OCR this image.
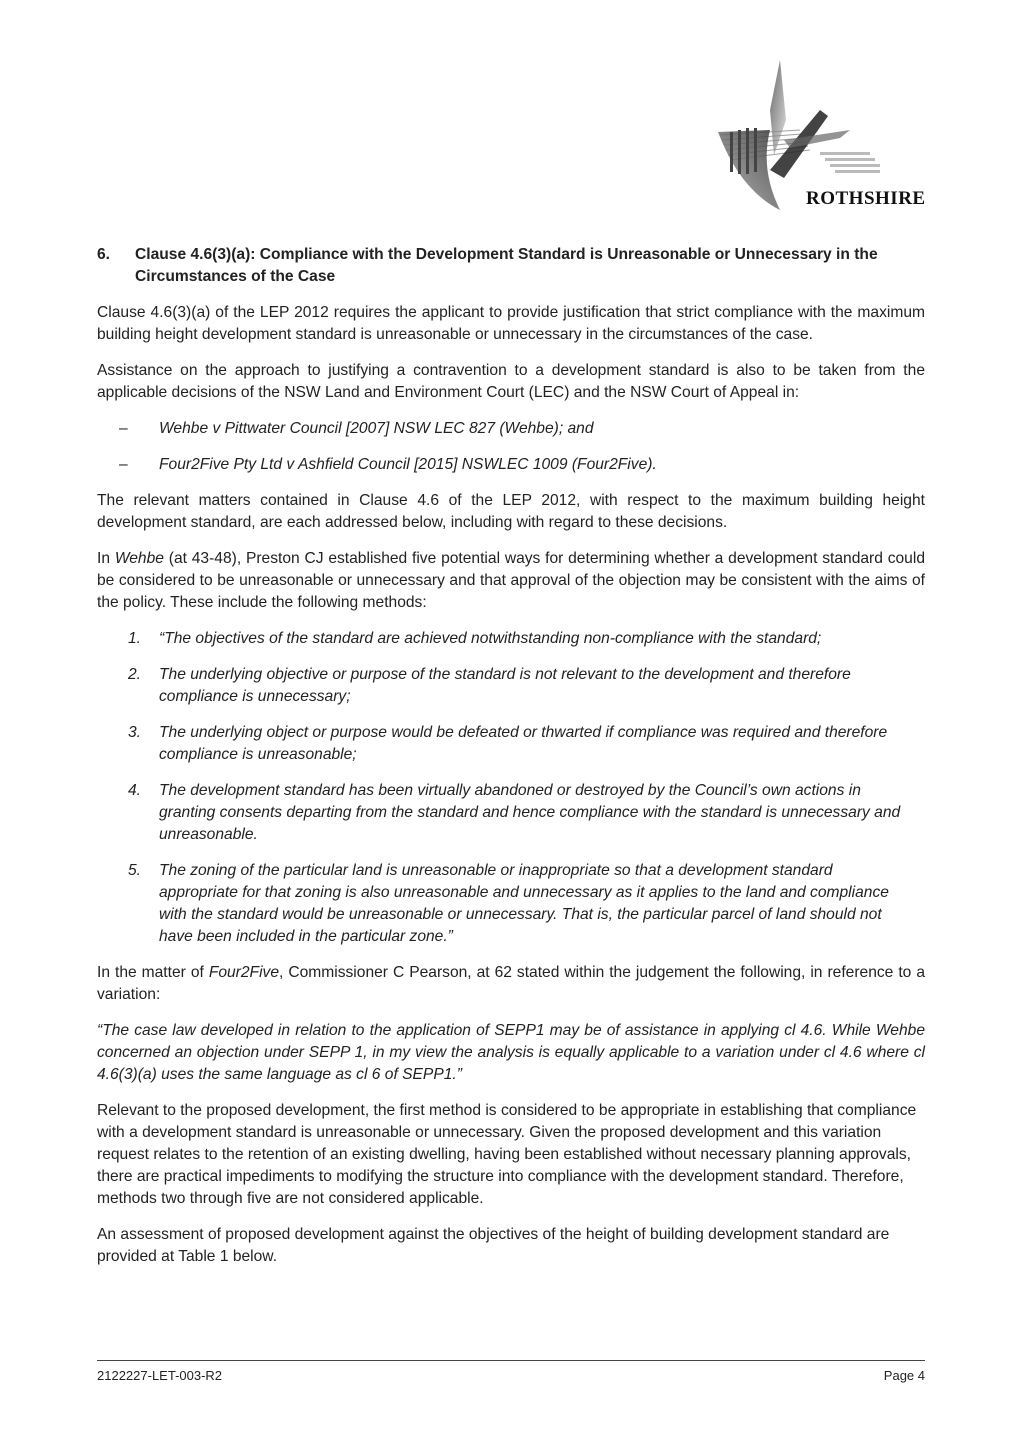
ROTHSHIRE
6.	Clause 4.6(3)(a): Compliance with the Development Standard is Unreasonable or Unnecessary in the Circumstances of the Case

Clause 4.6(3)(a) of the LEP 2012 requires the applicant to provide justification that strict compliance with the maximum building height development standard is unreasonable or unnecessary in the circumstances of the case.

Assistance on the approach to justifying a contravention to a development standard is also to be taken from the applicable decisions of the NSW Land and Environment Court (LEC) and the NSW Court of Appeal in:

–	Wehbe v Pittwater Council [2007] NSW LEC 827 (Wehbe); and
–	Four2Five Pty Ltd v Ashfield Council [2015] NSWLEC 1009 (Four2Five).

The relevant matters contained in Clause 4.6 of the LEP 2012, with respect to the maximum building height development standard, are each addressed below, including with regard to these decisions.

In Wehbe (at 43-48), Preston CJ established five potential ways for determining whether a development standard could be considered to be unreasonable or unnecessary and that approval of the objection may be consistent with the aims of the policy. These include the following methods:

1.	“The objectives of the standard are achieved notwithstanding non-compliance with the standard;
2.	The underlying objective or purpose of the standard is not relevant to the development and therefore compliance is unnecessary;
3.	The underlying object or purpose would be defeated or thwarted if compliance was required and therefore compliance is unreasonable;
4.	The development standard has been virtually abandoned or destroyed by the Council’s own actions in granting consents departing from the standard and hence compliance with the standard is unnecessary and unreasonable.
5.	The zoning of the particular land is unreasonable or inappropriate so that a development standard appropriate for that zoning is also unreasonable and unnecessary as it applies to the land and compliance with the standard would be unreasonable or unnecessary. That is, the particular parcel of land should not have been included in the particular zone.”

In the matter of Four2Five, Commissioner C Pearson, at 62 stated within the judgement the following, in reference to a variation:

“The case law developed in relation to the application of SEPP1 may be of assistance in applying cl 4.6. While Wehbe concerned an objection under SEPP 1, in my view the analysis is equally applicable to a variation under cl 4.6 where cl 4.6(3)(a) uses the same language as cl 6 of SEPP1.”

Relevant to the proposed development, the first method is considered to be appropriate in establishing that compliance with a development standard is unreasonable or unnecessary. Given the proposed development and this variation request relates to the retention of an existing dwelling, having been established without necessary planning approvals, there are practical impediments to modifying the structure into compliance with the development standard. Therefore, methods two through five are not considered applicable.

An assessment of proposed development against the objectives of the height of building development standard are provided at Table 1 below.

2122227-LET-003-R2	Page 4
